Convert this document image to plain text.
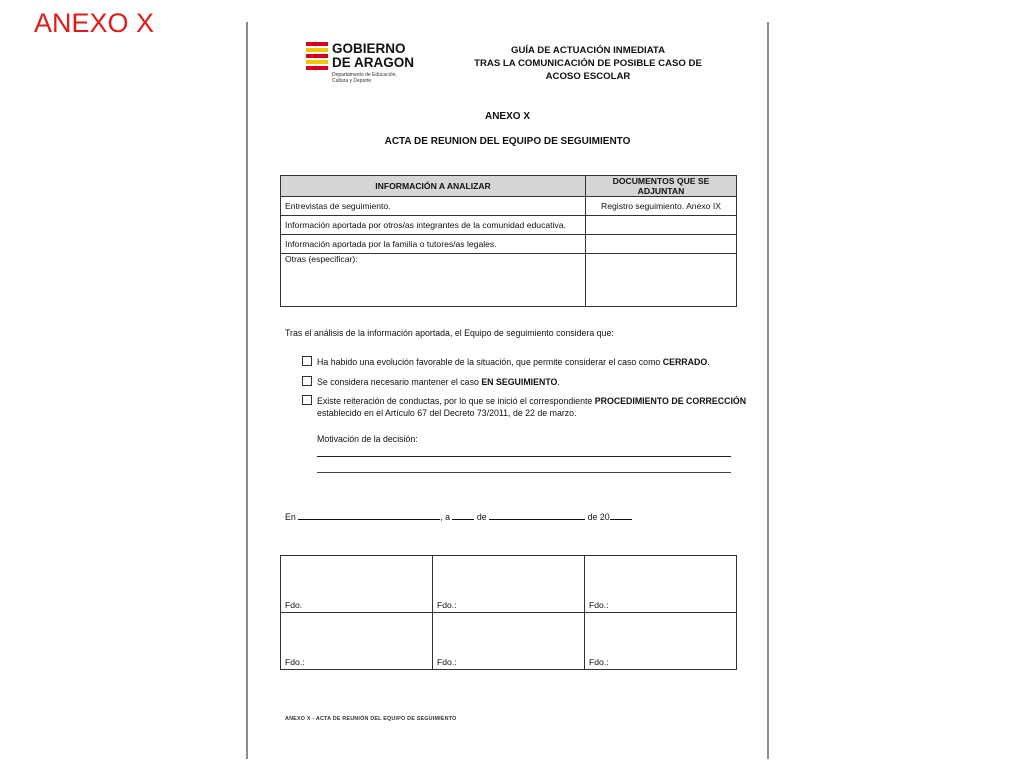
ANEXO X
GOBIERNO
DE ARAGON
Departamento de Educación,
Cultura y Deporte
GUÍA DE ACTUACIÓN INMEDIATA
TRAS LA COMUNICACIÓN DE POSIBLE CASO DE
ACOSO ESCOLAR
ANEXO X
ACTA DE REUNION DEL EQUIPO DE SEGUIMIENTO
INFORMACIÓN A ANALIZAR	DOCUMENTOS QUE SE ADJUNTAN
Entrevistas de seguimiento.	Registro seguimiento. Anexo IX
Información aportada por otros/as integrantes de la comunidad educativa.	
Información aportada por la familia o tutores/as legales.	
Otras (especificar):	
Tras el análisis de la información aportada, el Equipo de seguimiento considera que:
Ha habido una evolución favorable de la situación, que permite considerar el caso como CERRADO.
Se considera necesario mantener el caso EN SEGUIMIENTO.
Existe reiteración de conductas, por lo que se inició el correspondiente PROCEDIMIENTO DE CORRECCIÓN
establecido en el Artículo 67 del Decreto 73/2011, de 22 de marzo.
Motivación de la decisión:
En	, a	de	de 20
Fdo.	Fdo.:	Fdo.:
Fdo.:	Fdo.:	Fdo.:
ANEXO X - ACTA DE REUNIÓN DEL EQUIPO DE SEGUIMIENTO
